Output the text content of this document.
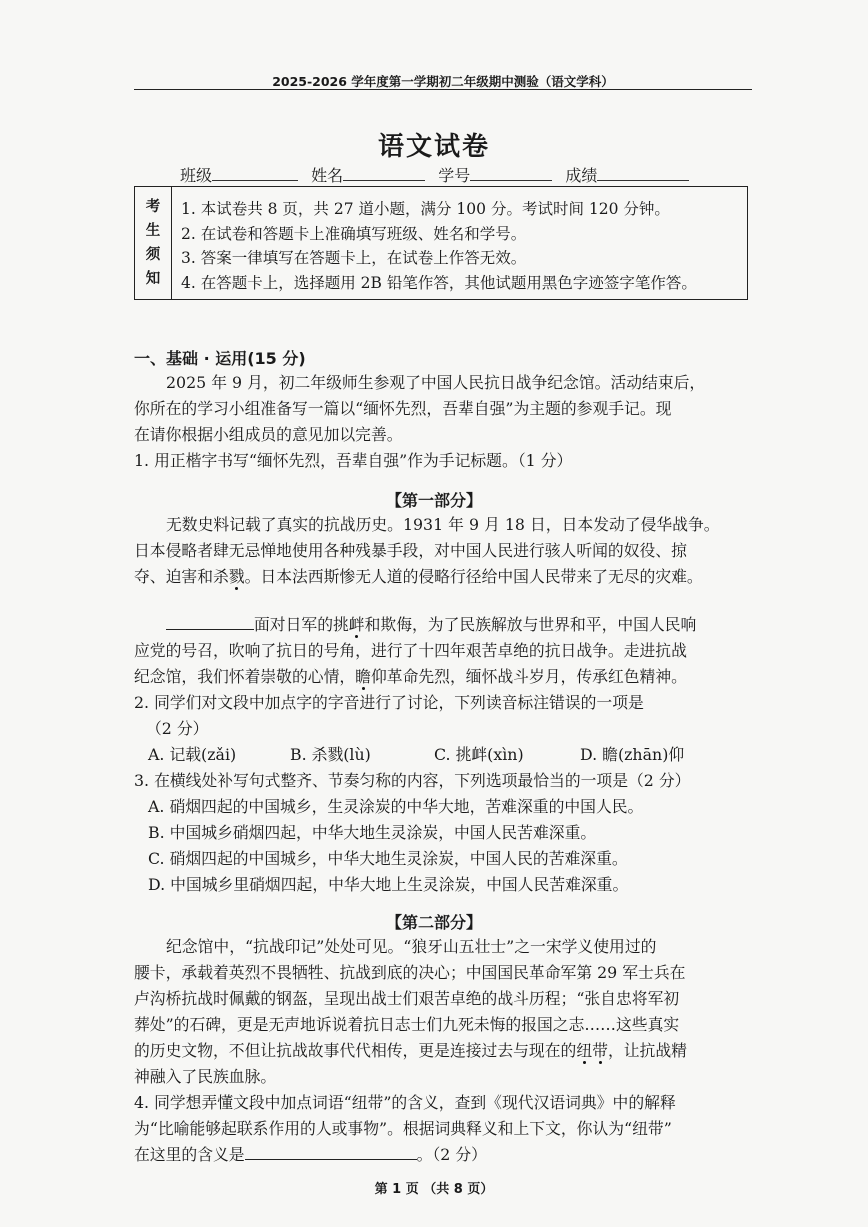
2025-2026 学年度第一学期初二年级期中测验（语文学科）
语文试卷
班级	姓名	学号	成绩
考
生
须
知
1. 本试卷共 8 页，共 27 道小题，满分 100 分。考试时间 120 分钟。
2. 在试卷和答题卡上准确填写班级、姓名和学号。
3. 答案一律填写在答题卡上，在试卷上作答无效。
4. 在答题卡上，选择题用 2B 铅笔作答，其他试题用黑色字迹签字笔作答。
一、基础 · 运用(15 分)
2025 年 9 月，初二年级师生参观了中国人民抗日战争纪念馆。活动结束后，
你所在的学习小组准备写一篇以“缅怀先烈，吾辈自强”为主题的参观手记。现
在请你根据小组成员的意见加以完善。
1. 用正楷字书写“缅怀先烈，吾辈自强”作为手记标题。（1 分）
【第一部分】
无数史料记载了真实的抗战历史。1931 年 9 月 18 日，日本发动了侵华战争。
日本侵略者肆无忌惮地使用各种残暴手段，对中国人民进行骇人听闻的奴役、掠
夺、迫害和杀戮。日本法西斯惨无人道的侵略行径给中国人民带来了无尽的灾难。
面对日军的挑衅和欺侮，为了民族解放与世界和平，中国人民响
应党的号召，吹响了抗日的号角，进行了十四年艰苦卓绝的抗日战争。走进抗战
纪念馆，我们怀着崇敬的心情，瞻仰革命先烈，缅怀战斗岁月，传承红色精神。
2. 同学们对文段中加点字的字音进行了讨论，下列读音标注错误的一项是
（2 分）
A. 记载(zǎi)	B. 杀戮(lù)	C. 挑衅(xìn)	D. 瞻(zhān)仰
3. 在横线处补写句式整齐、节奏匀称的内容，下列选项最恰当的一项是（2 分）
A. 硝烟四起的中国城乡，生灵涂炭的中华大地，苦难深重的中国人民。
B. 中国城乡硝烟四起，中华大地生灵涂炭，中国人民苦难深重。
C. 硝烟四起的中国城乡，中华大地生灵涂炭，中国人民的苦难深重。
D. 中国城乡里硝烟四起，中华大地上生灵涂炭，中国人民苦难深重。
【第二部分】
纪念馆中，“抗战印记”处处可见。“狼牙山五壮士”之一宋学义使用过的
腰卡，承载着英烈不畏牺牲、抗战到底的决心；中国国民革命军第 29 军士兵在
卢沟桥抗战时佩戴的钢盔，呈现出战士们艰苦卓绝的战斗历程；“张自忠将军初
葬处”的石碑，更是无声地诉说着抗日志士们九死未悔的报国之志……这些真实
的历史文物，不但让抗战故事代代相传，更是连接过去与现在的纽带，让抗战精
神融入了民族血脉。
4. 同学想弄懂文段中加点词语“纽带”的含义，查到《现代汉语词典》中的解释
为“比喻能够起联系作用的人或事物”。根据词典释义和上下文，你认为“纽带”
在这里的含义是	。（2 分）
第 1 页 （共 8 页）
